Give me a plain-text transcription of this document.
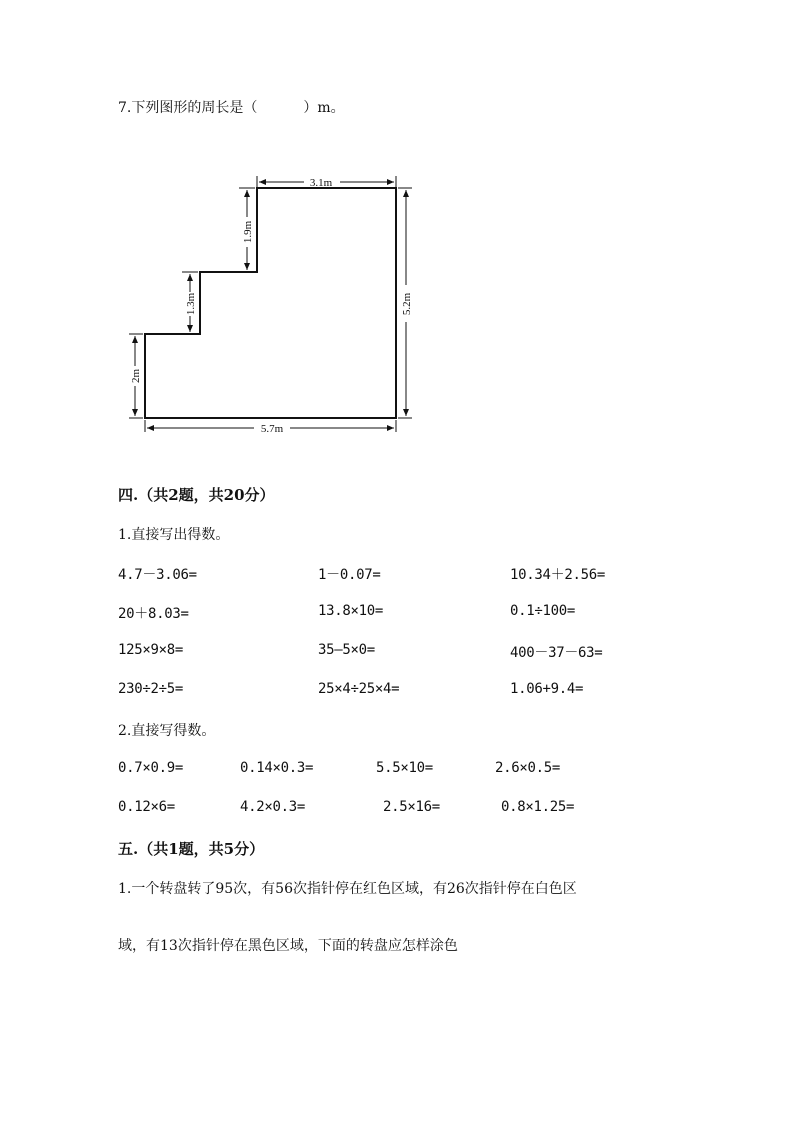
7.下列图形的周长是（	）m。
3.1m
5.2m
5.7m
2m
1.3m
1.9m
四.（共2题，共20分）
1.直接写出得数。
4.7－3.06=	1－0.07=	10.34＋2.56=
20＋8.03=	13.8×10=	0.1÷100=
125×9×8=	35—5×0=	400－37－63=
230÷2÷5=	25×4÷25×4=	1.06+9.4=
2.直接写得数。
0.7×0.9=	0.14×0.3=	5.5×10=	2.6×0.5=
0.12×6=	4.2×0.3=	2.5×16=	0.8×1.25=
五.（共1题，共5分）
1.一个转盘转了95次，有56次指针停在红色区域，有26次指针停在白色区
域，有13次指针停在黑色区域，下面的转盘应怎样涂色
